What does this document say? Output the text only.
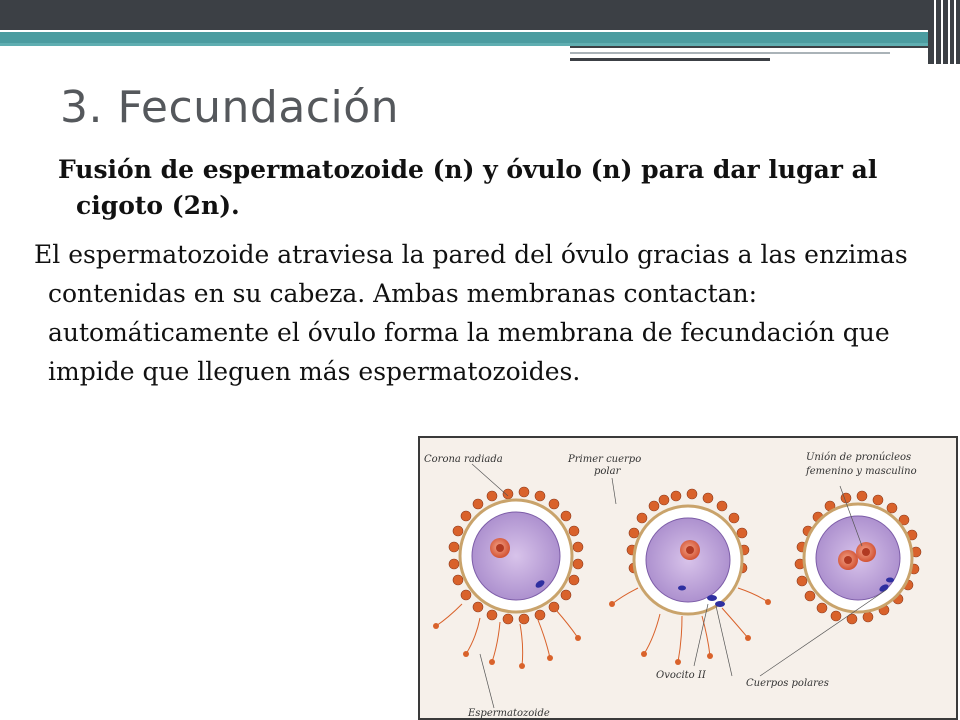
3. Fecundación

Fusión de espermatozoide (n) y óvulo (n) para dar lugar al cigoto (2n).

El espermatozoide atraviesa la pared del óvulo gracias a las enzimas contenidas en su cabeza. Ambas membranas contactan: automáticamente el óvulo forma la membrana de fecundación que impide que lleguen más espermatozoides.

Corona radiada	Primer cuerpo
polar
Unión de pronúcleos
femenino y masculino
Ovocito II
Cuerpos polares
Espermatozoide
